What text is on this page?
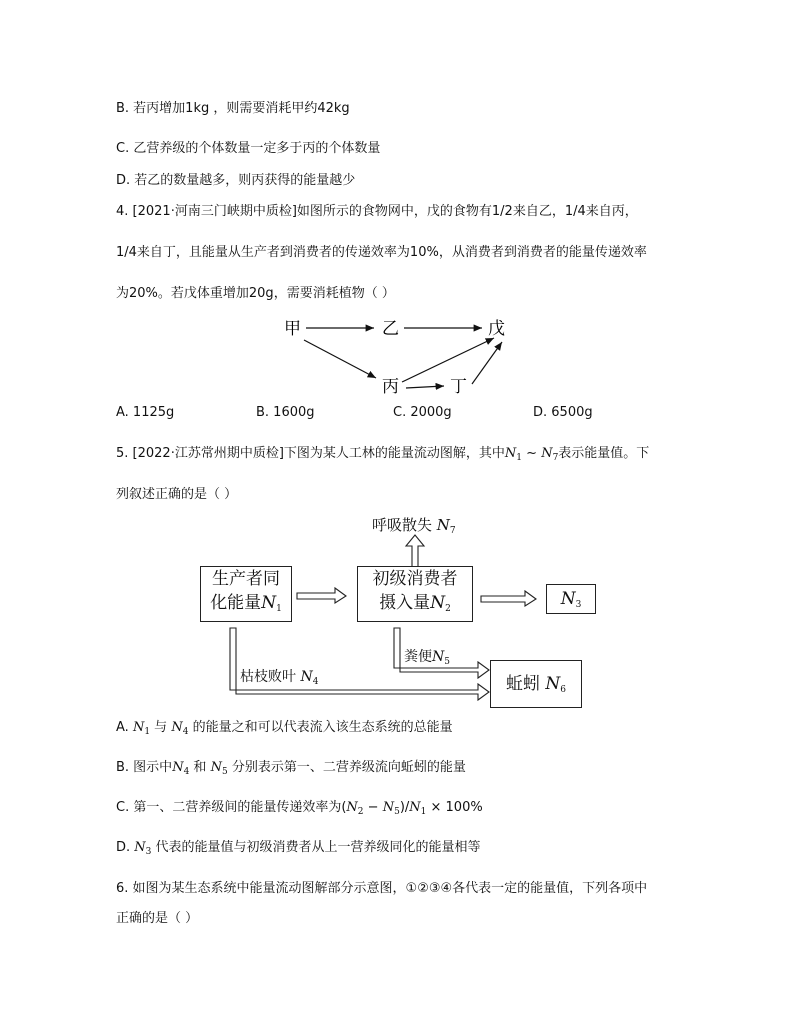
B. 若丙增加1kg ，则需要消耗甲约42kg
C. 乙营养级的个体数量一定多于丙的个体数量
D. 若乙的数量越多，则丙获得的能量越少
4. [2021·河南三门峡期中质检]如图所示的食物网中，戊的食物有1/2来自乙，1/4来自丙，
1/4来自丁，且能量从生产者到消费者的传递效率为10%，从消费者到消费者的能量传递效率
为20%。若戊体重增加20g，需要消耗植物（ ）
甲	乙	戊
丙	丁
A. 1125g	B. 1600g	C. 2000g	D. 6500g
5. [2022·江苏常州期中质检]下图为某人工林的能量流动图解，其中$N_1$ ~ $N_7$表示能量值。下
列叙述正确的是（ ）
呼吸散失 $N_7$
生产者同
化能量$N_1$
初级消费者
摄入量$N_2$	$N_3$
蚯蚓 $N_6$
粪便$N_5$
枯枝败叶 $N_4$
A. $N_1$ 与 $N_4$ 的能量之和可以代表流入该生态系统的总能量
B. 图示中$N_4$ 和 $N_5$ 分别表示第一、二营养级流向蚯蚓的能量
C. 第一、二营养级间的能量传递效率为$(N_2 - N_5)/N_1 \times 100\%$
D. $N_3$ 代表的能量值与初级消费者从上一营养级同化的能量相等
6. 如图为某生态系统中能量流动图解部分示意图，①②③④各代表一定的能量值，下列各项中
正确的是（ ）
